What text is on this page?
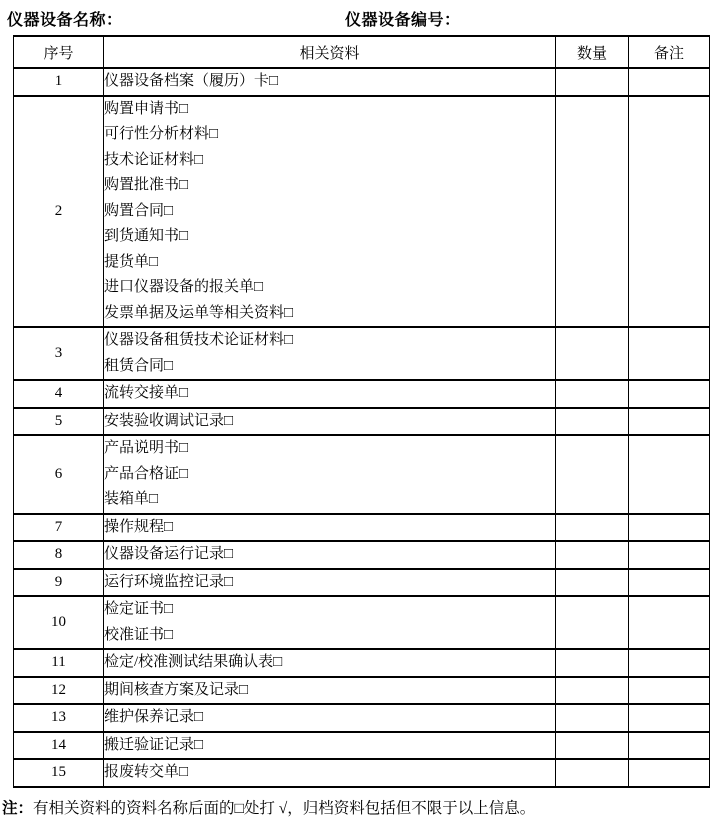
仪器设备名称：	仪器设备编号：
序号	相关资料	数量	备注
1	仪器设备档案（履历）卡□		

2	
购置申请书□
可行性分析材料□
技术论证材料□
购置批准书□
购置合同□
到货通知书□
提货单□
进口仪器设备的报关单□
发票单据及运单等相关资料□

3	仪器设备租赁技术论证材料□
租赁合同□		

4	流转交接单□		

5	安装验收调试记录□		

6	产品说明书□
产品合格证□
装箱单□		

7	操作规程□		

8	仪器设备运行记录□		

9	运行环境监控记录□		

10	检定证书□
校准证书□		

11	检定/校准测试结果确认表□		

12	期间核查方案及记录□		

13	维护保养记录□		

14	搬迁验证记录□		

15	报废转交单□		

注：有相关资料的资料名称后面的□处打 √，归档资料包括但不限于以上信息。
